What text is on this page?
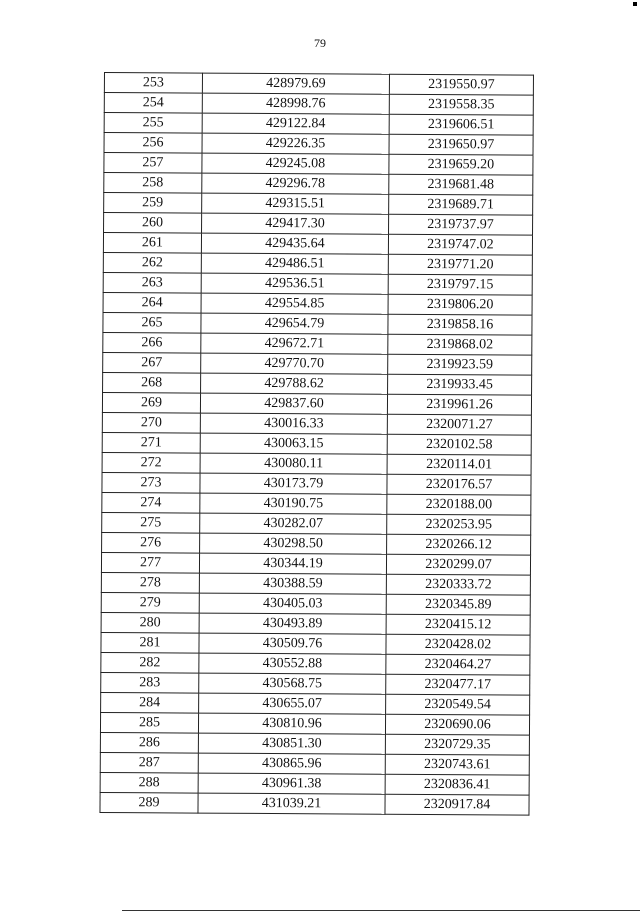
79
253	428979.69	2319550.97
254	428998.76	2319558.35
255	429122.84	2319606.51
256	429226.35	2319650.97
257	429245.08	2319659.20
258	429296.78	2319681.48
259	429315.51	2319689.71
260	429417.30	2319737.97
261	429435.64	2319747.02
262	429486.51	2319771.20
263	429536.51	2319797.15
264	429554.85	2319806.20
265	429654.79	2319858.16
266	429672.71	2319868.02
267	429770.70	2319923.59
268	429788.62	2319933.45
269	429837.60	2319961.26
270	430016.33	2320071.27
271	430063.15	2320102.58
272	430080.11	2320114.01
273	430173.79	2320176.57
274	430190.75	2320188.00
275	430282.07	2320253.95
276	430298.50	2320266.12
277	430344.19	2320299.07
278	430388.59	2320333.72
279	430405.03	2320345.89
280	430493.89	2320415.12
281	430509.76	2320428.02
282	430552.88	2320464.27
283	430568.75	2320477.17
284	430655.07	2320549.54
285	430810.96	2320690.06
286	430851.30	2320729.35
287	430865.96	2320743.61
288	430961.38	2320836.41
289	431039.21	2320917.84
